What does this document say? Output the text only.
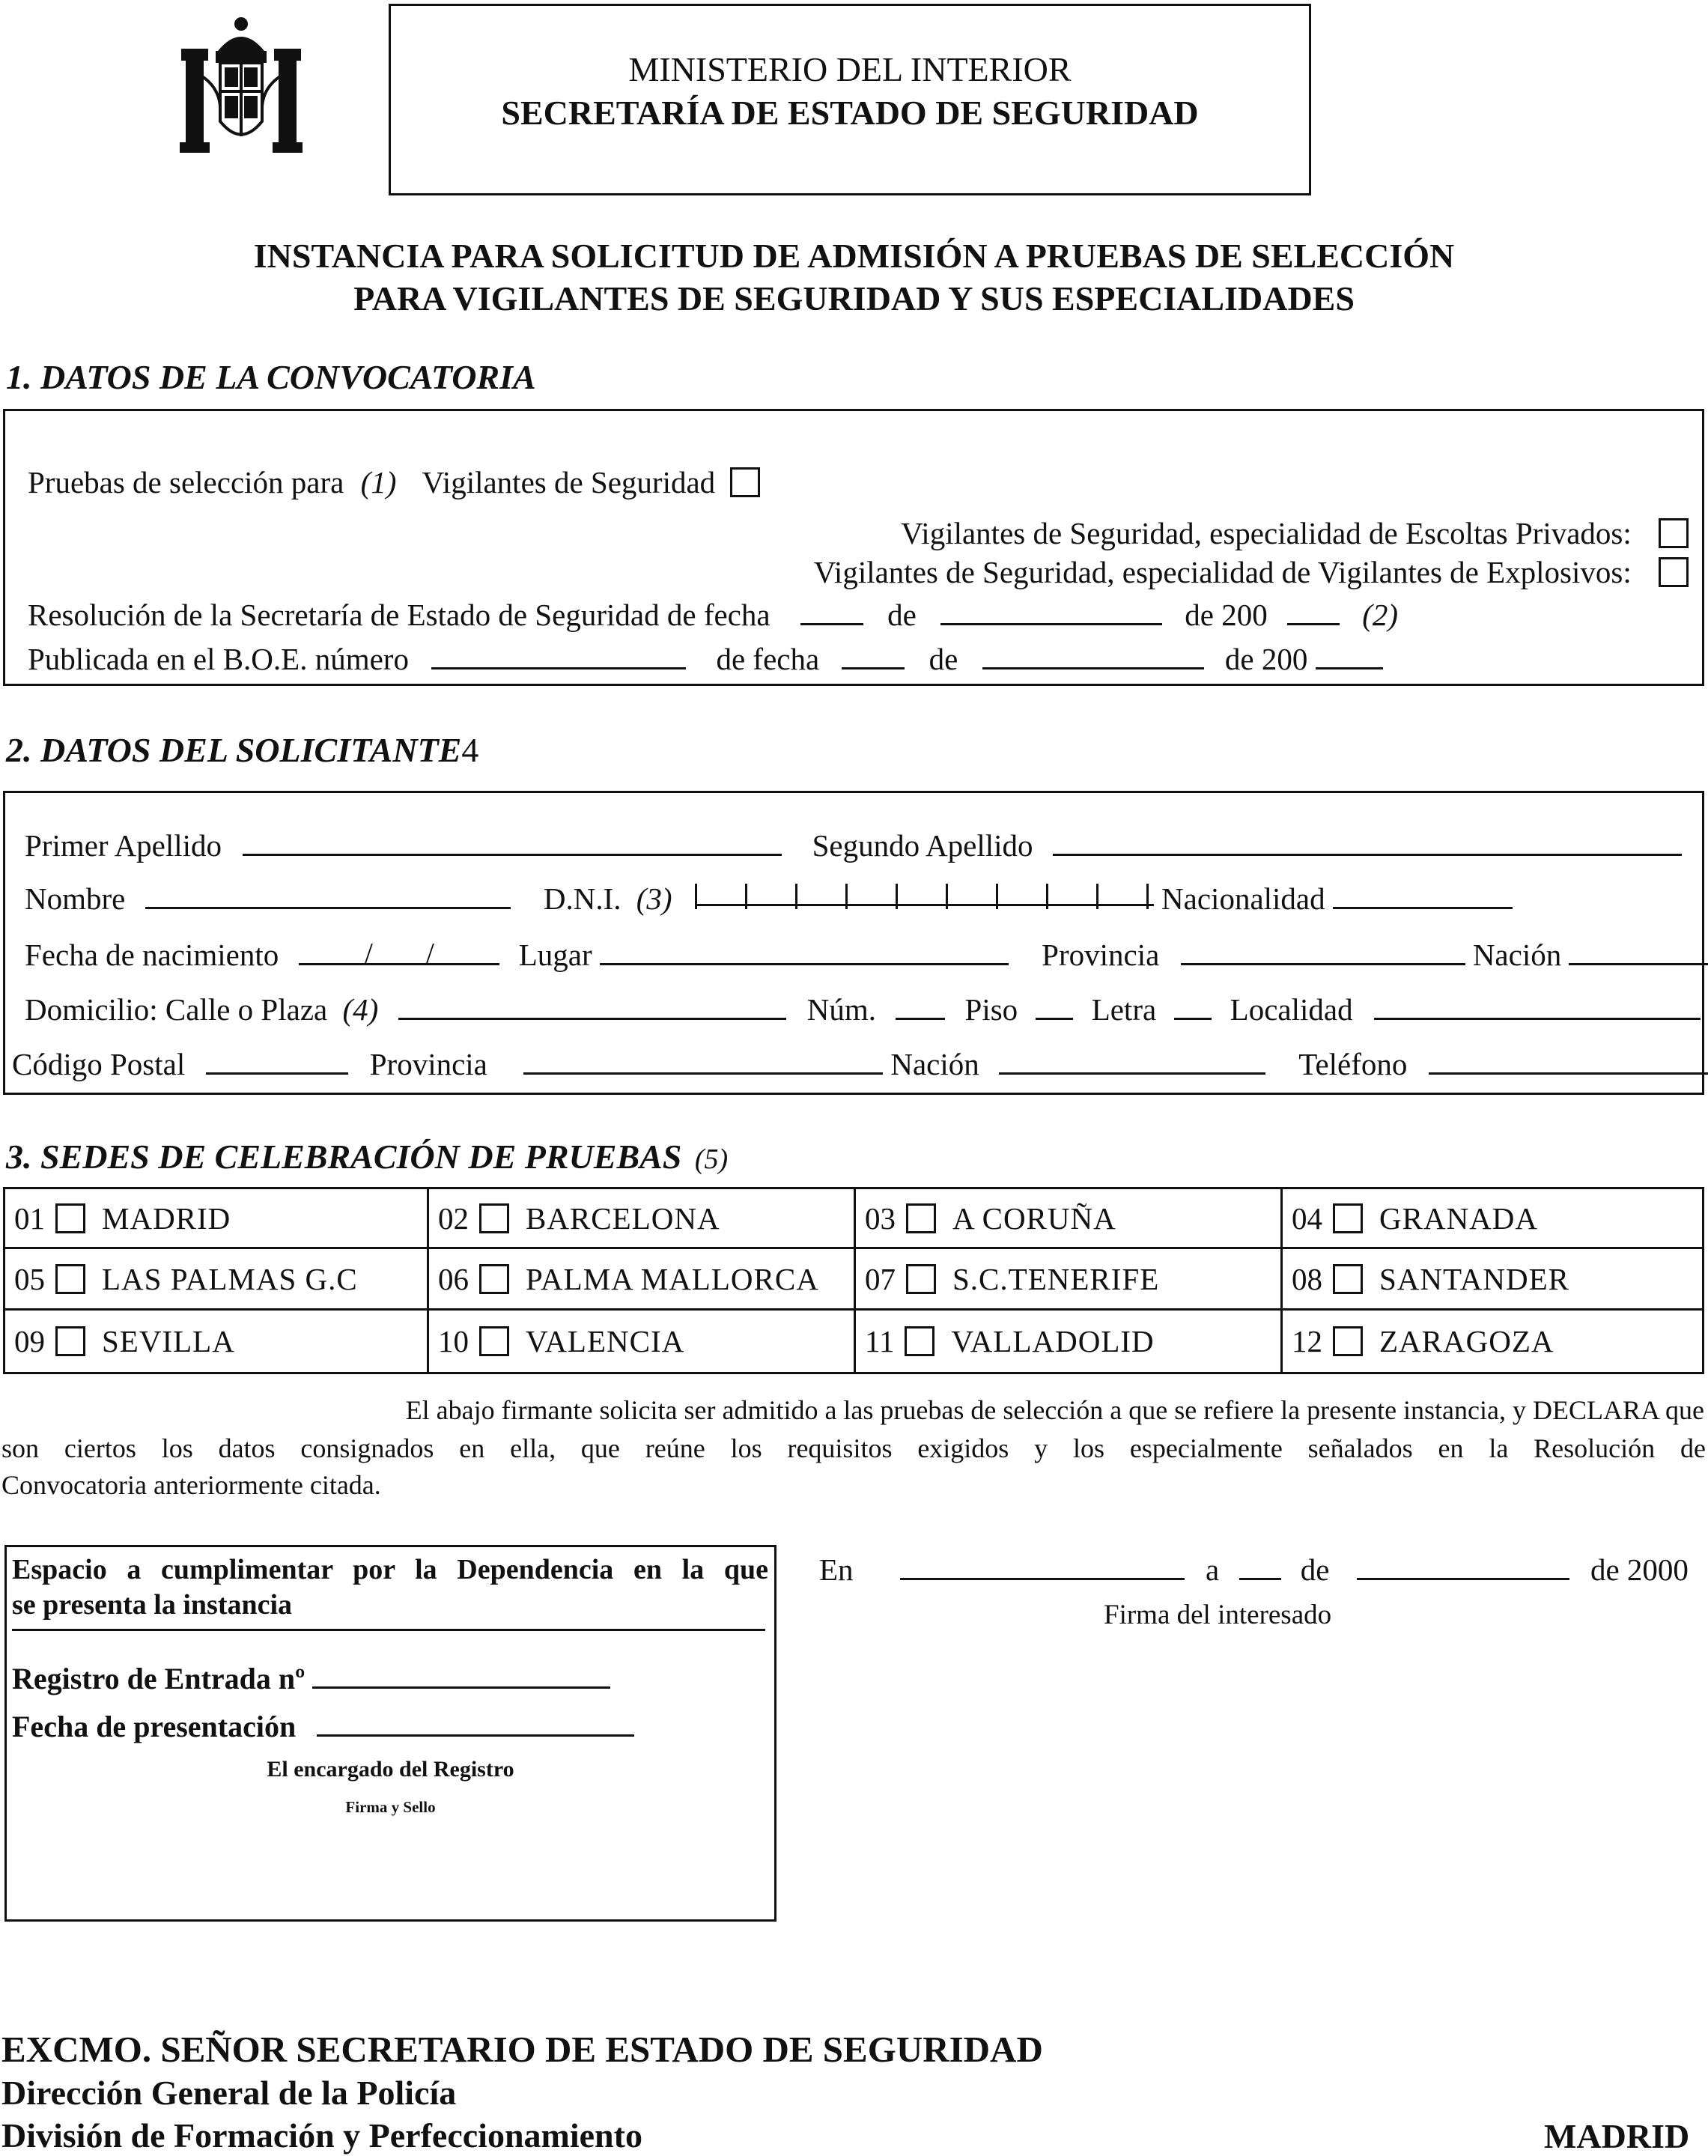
MINISTERIO DEL INTERIOR
SECRETARÍA DE ESTADO DE SEGURIDAD
INSTANCIA PARA SOLICITUD DE ADMISIÓN A PRUEBAS DE SELECCIÓN
PARA VIGILANTES DE SEGURIDAD Y SUS ESPECIALIDADES
1. DATOS DE LA CONVOCATORIA
Pruebas de selección para (1) Vigilantes de Seguridad
Vigilantes de Seguridad, especialidad de Escoltas Privados:
Vigilantes de Seguridad, especialidad de Vigilantes de Explosivos:
Resolución de la Secretaría de Estado de Seguridad de fecha	de	de 200	(2)
Publicada en el B.O.E. número	de fecha	de	de 200
2. DATOS DEL SOLICITANTE4
Primer Apellido	Segundo Apellido
Nombre	D.N.I. (3)	Nacionalidad
Fecha de nacimiento	/ /	Lugar	Provincia	Nación
Domicilio: Calle o Plaza (4)	Núm.	Piso Letra Localidad
Código Postal	Provincia	Nación	Teléfono
3. SEDES DE CELEBRACIÓN DE PRUEBAS (5)
01 MADRID	02 BARCELONA	03 A CORUÑA	04 GRANADA
05 LAS PALMAS G.C	06 PALMA MALLORCA 07 S.C.TENERIFE	08 SANTANDER
09 SEVILLA	10 VALENCIA	11 VALLADOLID	12 ZARAGOZA
El abajo firmante solicita ser admitido a las pruebas de selección a que se refiere la presente instancia, y DECLARA que
son ciertos los datos consignados en ella, que reúne los requisitos exigidos y los especialmente señalados en la Resolución de
Convocatoria anteriormente citada.
Espacio a cumplimentar por la Dependencia en la que
se presenta la instancia
Registro de Entrada nº
Fecha de presentación
El encargado del Registro
Firma y Sello
En	a	de	de 2000
Firma del interesado
EXCMO. SEÑOR SECRETARIO DE ESTADO DE SEGURIDAD
Dirección General de la Policía
División de Formación y Perfeccionamiento	MADRID
